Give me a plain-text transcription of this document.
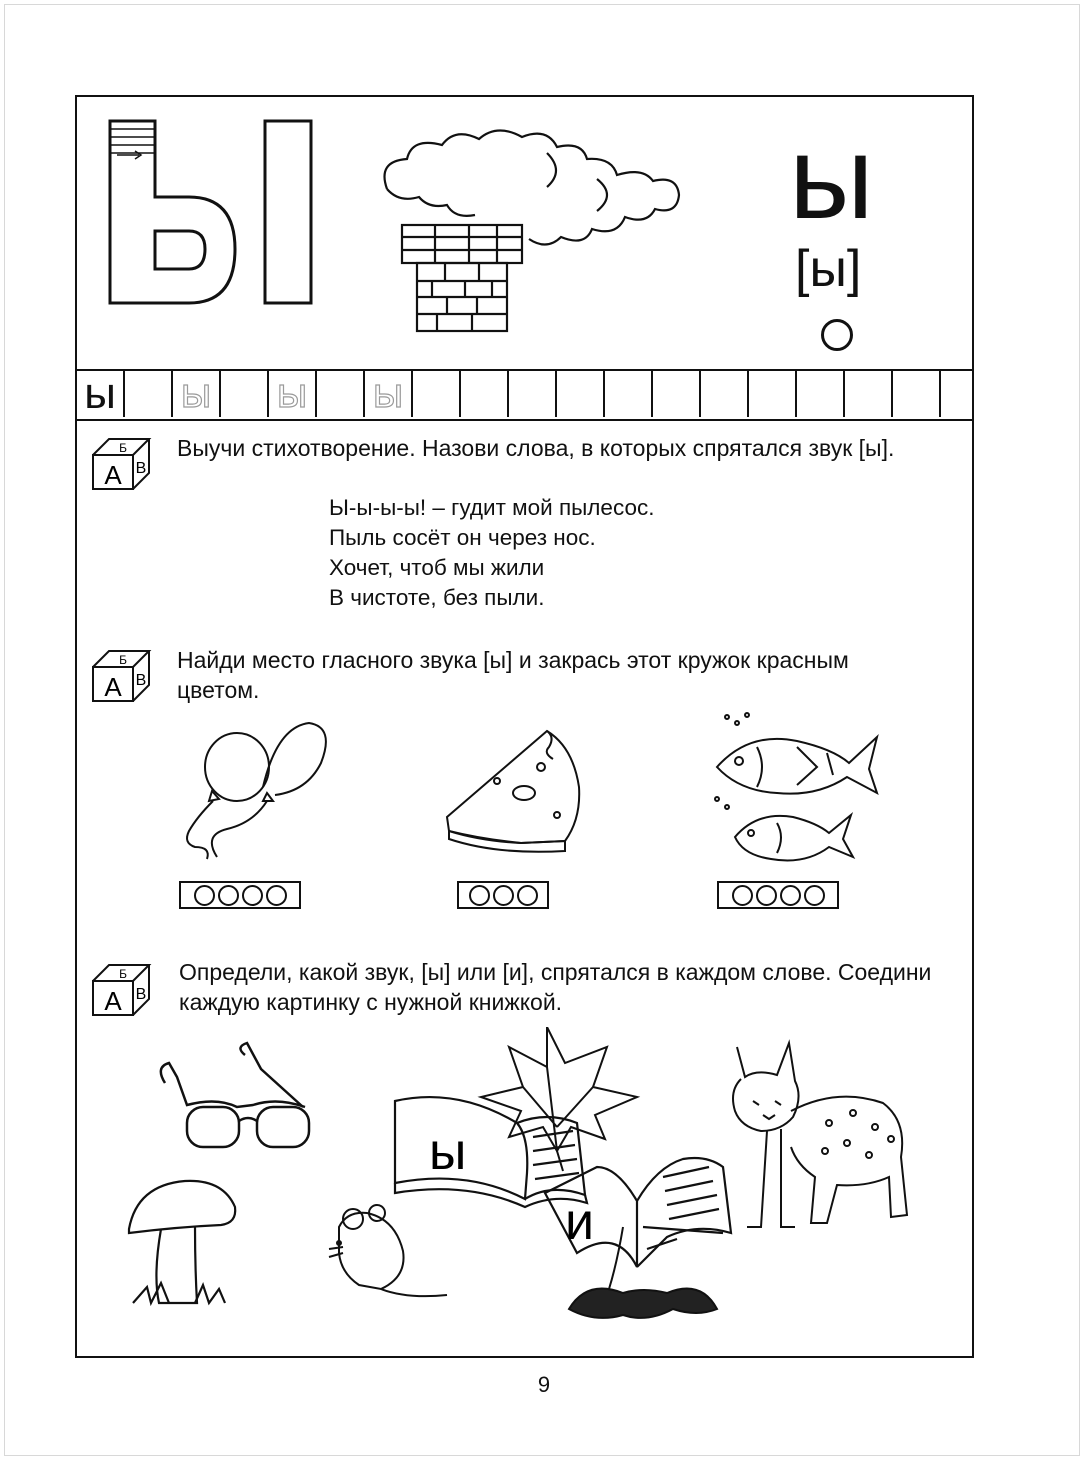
ы
[ы]
ы ы ы ы
А
Б
В

Выучи стихотворение. Назови слова, в которых спрятался звук [ы].

Ы-ы-ы-ы! – гудит мой пылесос.
Пыль сосёт он через нос.
Хочет, чтоб мы жили
В чистоте, без пыли.
А
Б
В

Найди место гласного звука [ы] и закрась этот кружок красным цветом.

А
Б
В

Определи, какой звук, [ы] или [и], спрятался в каждом слове. Соедини каждую картинку с нужной книжкой.

ы
и
9
